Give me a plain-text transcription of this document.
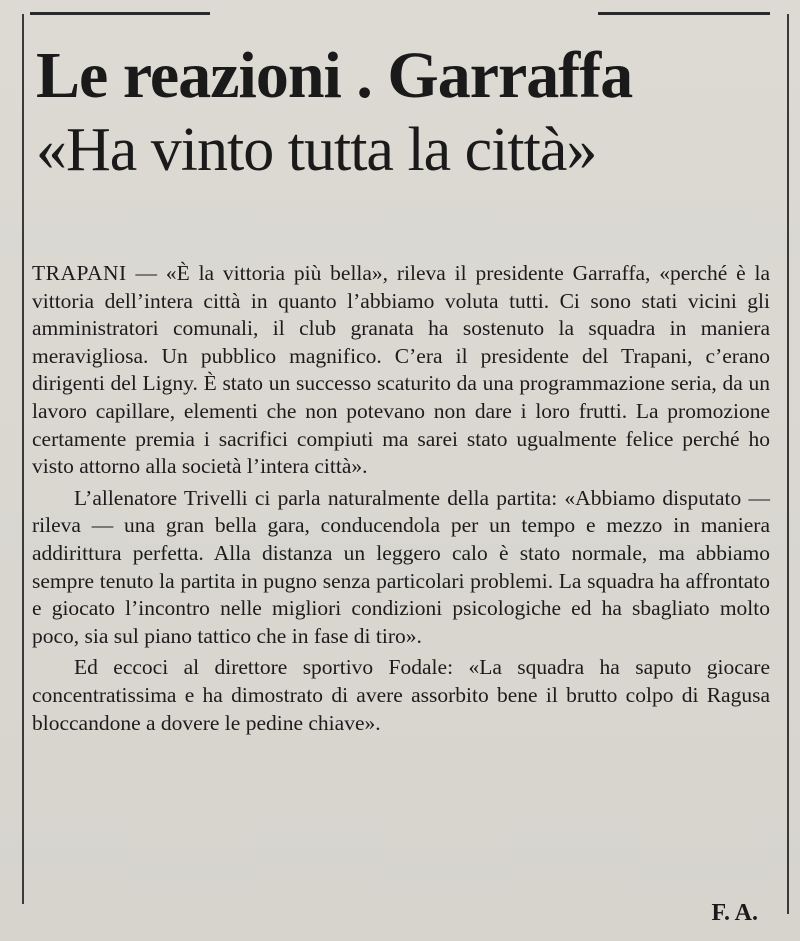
Le reazioni . Garraffa
«Ha vinto tutta la città»

TRAPANI — «È la vittoria più bella», rileva il presidente Garraffa, «perché è la vittoria dell’intera città in quanto l’abbiamo voluta tutti. Ci sono stati vicini gli amministratori comunali, il club granata ha sostenuto la squadra in maniera meravigliosa. Un pubblico magnifico. C’era il presidente del Trapani, c’erano dirigenti del Ligny. È stato un successo scaturito da una programmazione seria, da un lavoro capillare, elementi che non potevano non dare i loro frutti. La promozione certamente premia i sacrifici compiuti ma sarei stato ugualmente felice perché ho visto attorno alla società l’intera città».

L’allenatore Trivelli ci parla naturalmente della partita: «Abbiamo disputato — rileva — una gran bella gara, conducendola per un tempo e mezzo in maniera addirittura perfetta. Alla distanza un leggero calo è stato normale, ma abbiamo sempre tenuto la partita in pugno senza particolari problemi. La squadra ha affrontato e giocato l’incontro nelle migliori condizioni psicologiche ed ha sbagliato molto poco, sia sul piano tattico che in fase di tiro».

Ed eccoci al direttore sportivo Fodale: «La squadra ha saputo giocare concentratissima e ha dimostrato di avere assorbito bene il brutto colpo di Ragusa bloccandone a dovere le pedine chiave».

F. A.
